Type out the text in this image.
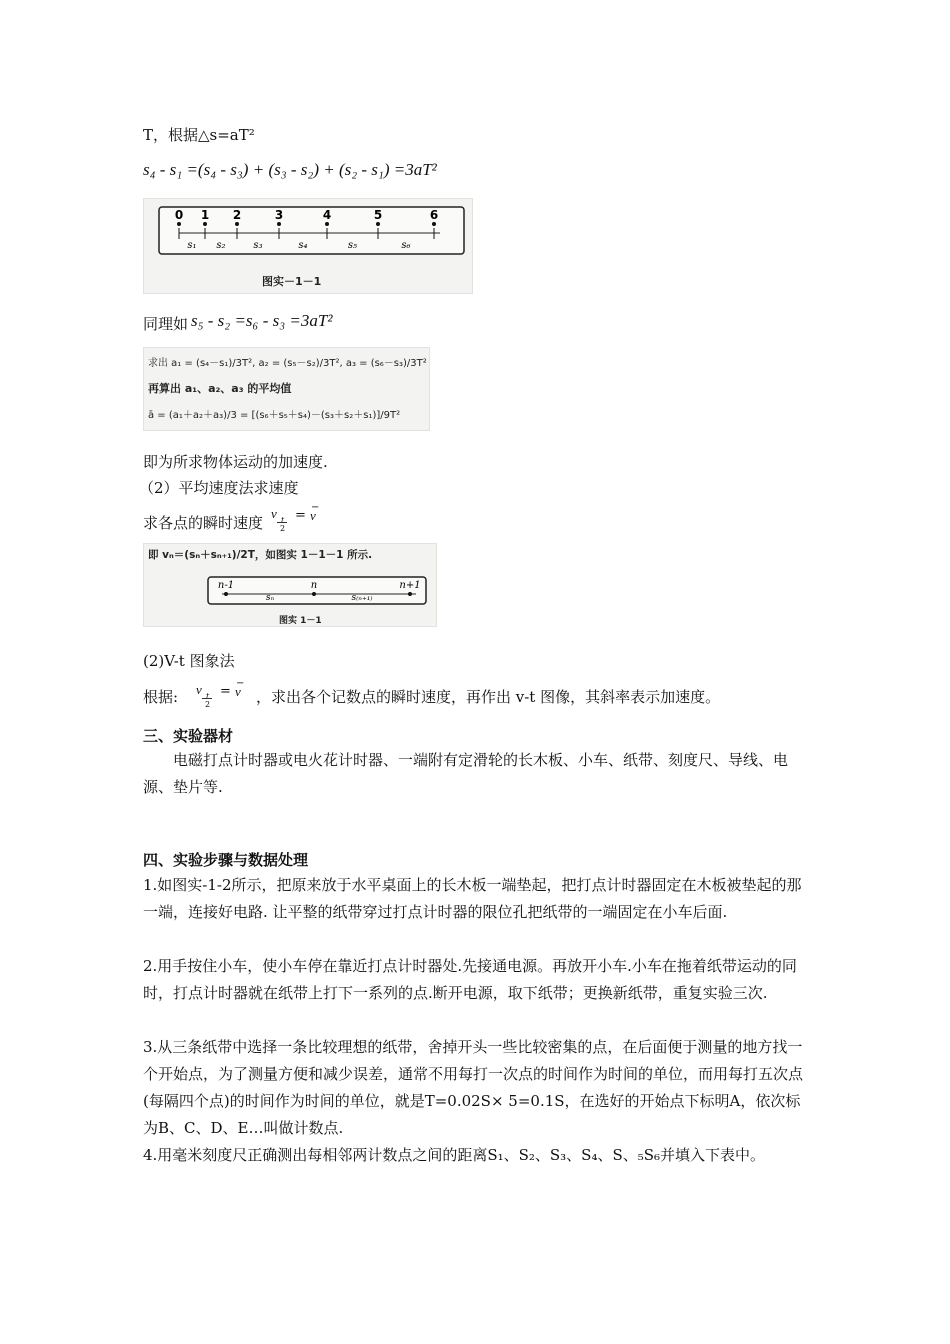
T，根据△s=aT²
s₄ - s₁ =(s₄ - s₃) + (s₃ - s₂) + (s₂ - s₁) =3aT²
0 1 2	3	4	5	6
s₁ s₂	s₃	s₄	s₅	s₆
图实－1－1
同理如 s₅ - s₂ =s₆ - s₃ =3aT²
求出 a₁ = (s₄－s₁)/3T², a₂ = (s₅－s₂)/3T², a₃ = (s₆－s₃)/3T²
再算出 a₁、a₂、a₃ 的平均值
ā = (a₁＋a₂＋a₃)/3 = [(s₆＋s₅＋s₄)－(s₃＋s₂＋s₁)]/9T²
即为所求物体运动的加速度.
（2）平均速度法求速度
求各点的瞬时速度
v t
2
=
−
v
即 vₙ＝(sₙ＋sₙ₊₁)/2T，如图实 1－1－1 所示.
n-1	n	n+1
sₙ	s₍ₙ₊₁₎
图实 1－1
(2)V-t 图象法
根据: v t
2
=
−
v ，求出各个记数点的瞬时速度，再作出 v-t 图像，其斜率表示加速度。
三、实验器材
电磁打点计时器或电火花计时器、一端附有定滑轮的长木板、小车、纸带、刻度尺、导线、电源、垫片等.
四、实验步骤与数据处理
1.如图实-1-2所示，把原来放于水平桌面上的长木板一端垫起，把打点计时器固定在木板被垫起的那一端，连接好电路. 让平整的纸带穿过打点计时器的限位孔把纸带的一端固定在小车后面.
2.用手按住小车，使小车停在靠近打点计时器处.先接通电源。再放开小车.小车在拖着纸带运动的同时，打点计时器就在纸带上打下一系列的点.断开电源，取下纸带；更换新纸带，重复实验三次.
3.从三条纸带中选择一条比较理想的纸带，舍掉开头一些比较密集的点，在后面便于测量的地方找一个开始点，为了测量方便和减少误差，通常不用每打一次点的时间作为时间的单位，而用每打五次点(每隔四个点)的时间作为时间的单位，就是T=0.02S× 5=0.1S，在选好的开始点下标明A，依次标为B、C、D、E…叫做计数点.
4.用毫米刻度尺正确测出每相邻两计数点之间的距离S₁、S₂、S₃、S₄、S、₅S₆并填入下表中。
